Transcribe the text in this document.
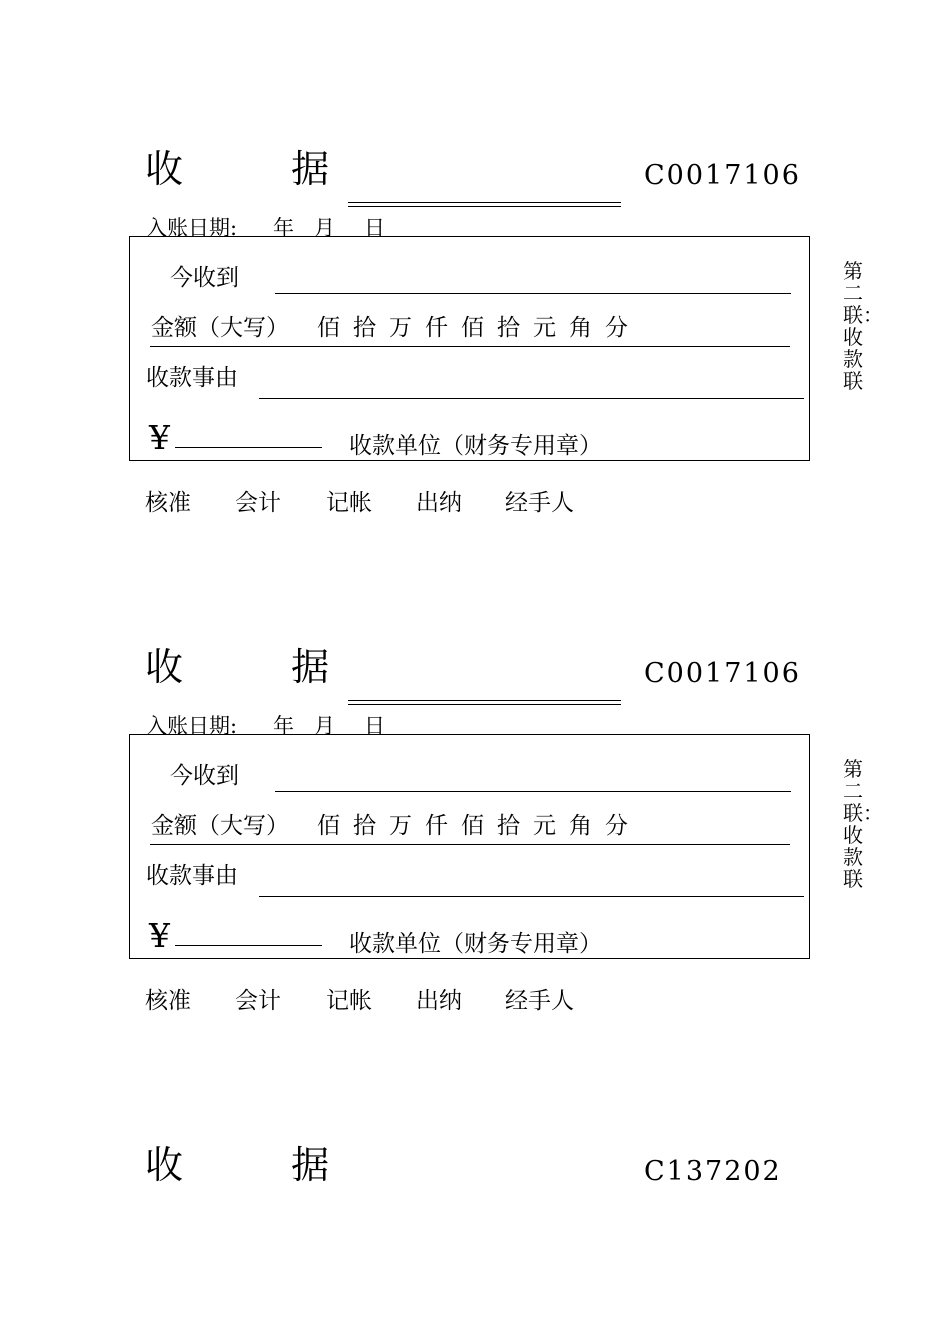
收 据	C0017106
入账日期: 年 月 日
今收到
金额（大写） 佰拾万仟佰拾元角分
收款事由
¥	收款单位（财务专用章）
第二联：收款联
核准 会计 记帐 出纳 经手人
收 据	C0017106
入账日期: 年 月 日
今收到
金额（大写） 佰拾万仟佰拾元角分
收款事由
¥	收款单位（财务专用章）
第二联：收款联
核准 会计 记帐 出纳 经手人
收 据	C137202
